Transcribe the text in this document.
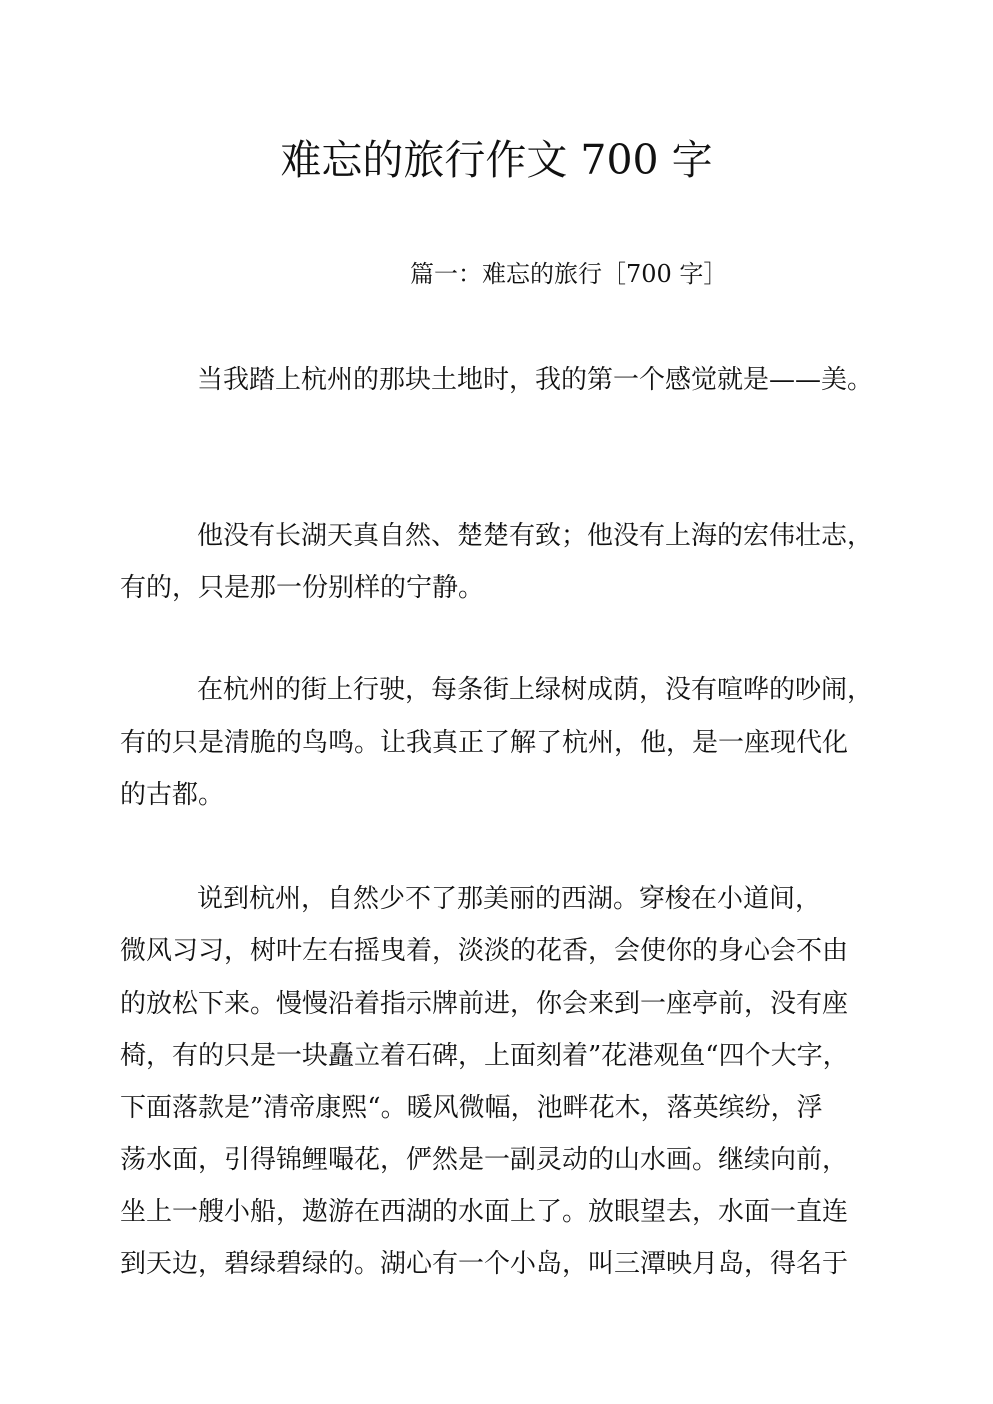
难忘的旅行作文 700 字
篇一：难忘的旅行［700 字］
当我踏上杭州的那块土地时，我的第一个感觉就是——美。
他没有长湖天真自然、楚楚有致；他没有上海的宏伟壮志，
有的，只是那一份别样的宁静。
在杭州的街上行驶，每条街上绿树成荫，没有喧哗的吵闹，
有的只是清脆的鸟鸣。让我真正了解了杭州，他，是一座现代化
的古都。
说到杭州，自然少不了那美丽的西湖。穿梭在小道间，
微风习习，树叶左右摇曳着，淡淡的花香，会使你的身心会不由
的放松下来。慢慢沿着指示牌前进，你会来到一座亭前，没有座
椅，有的只是一块矗立着石碑，上面刻着”花港观鱼“四个大字，
下面落款是”清帝康熙“。暖风微幅，池畔花木，落英缤纷，浮
荡水面，引得锦鲤嘬花，俨然是一副灵动的山水画。继续向前，
坐上一艘小船，遨游在西湖的水面上了。放眼望去，水面一直连
到天边，碧绿碧绿的。湖心有一个小岛，叫三潭映月岛，得名于
